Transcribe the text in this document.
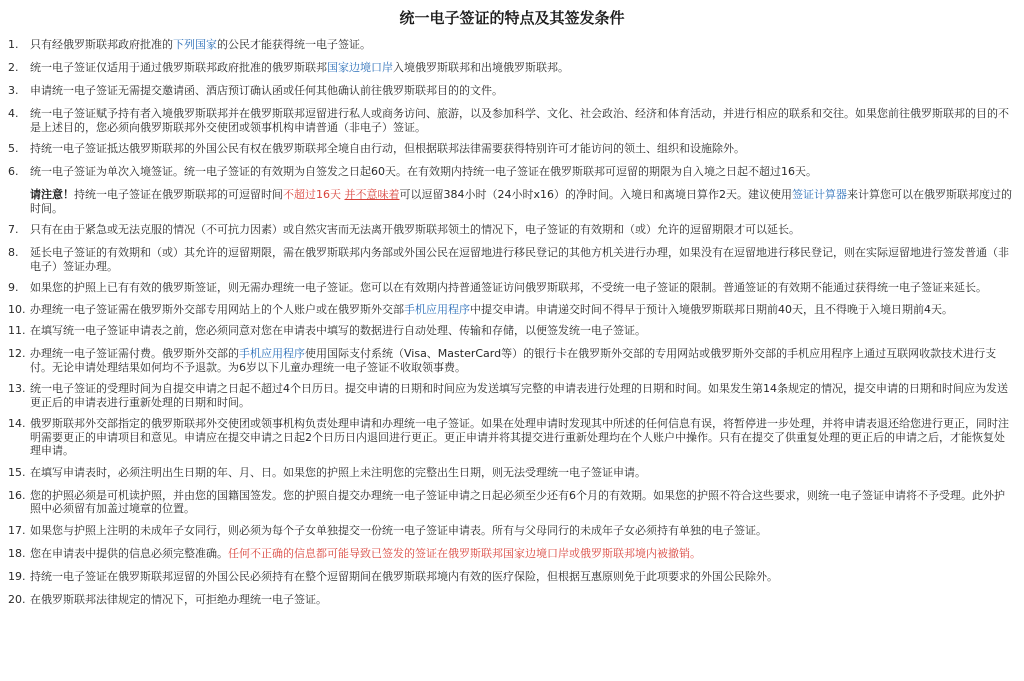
统一电子签证的特点及其签发条件
1.	只有经俄罗斯联邦政府批准的下列国家的公民才能获得统一电子签证。
2.	统一电子签证仅适用于通过俄罗斯联邦政府批准的俄罗斯联邦国家边境口岸入境俄罗斯联邦和出境俄罗斯联邦。
3.	申请统一电子签证无需提交邀请函、酒店预订确认函或任何其他确认前往俄罗斯联邦目的的文件。
4.	统一电子签证赋予持有者入境俄罗斯联邦并在俄罗斯联邦逗留进行私人或商务访问、旅游，以及参加科学、文化、社会政治、经济和体育活动，并进行相应的联系和交往。如果您前往俄罗斯联邦的目的不是上述目的，您必须向俄罗斯联邦外交使团或领事机构申请普通（非电子）签证。
5.	持统一电子签证抵达俄罗斯联邦的外国公民有权在俄罗斯联邦全境自由行动，但根据联邦法律需要获得特别许可才能访问的领土、组织和设施除外。
6.	统一电子签证为单次入境签证。统一电子签证的有效期为自签发之日起60天。在有效期内持统一电子签证在俄罗斯联邦可逗留的期限为自入境之日起不超过16天。
请注意！持统一电子签证在俄罗斯联邦的可逗留时间不超过16天 并不意味着可以逗留384小时（24小时x16）的净时间。入境日和离境日算作2天。建议使用签证计算器来计算您可以在俄罗斯联邦度过的时间。
7.	只有在由于紧急或无法克服的情况（不可抗力因素）或自然灾害而无法离开俄罗斯联邦领土的情况下，电子签证的有效期和（或）允许的逗留期限才可以延长。
8.	延长电子签证的有效期和（或）其允许的逗留期限，需在俄罗斯联邦内务部或外国公民在逗留地进行移民登记的其他方机关进行办理，如果没有在逗留地进行移民登记，则在实际逗留地进行签发普通（非电子）签证办理。
9.	如果您的护照上已有有效的俄罗斯签证，则无需办理统一电子签证。您可以在有效期内持普通签证访问俄罗斯联邦，不受统一电子签证的限制。普通签证的有效期不能通过获得统一电子签证来延长。
10. 办理统一电子签证需在俄罗斯外交部专用网站上的个人账户或在俄罗斯外交部手机应用程序中提交申请。申请递交时间不得早于预计入境俄罗斯联邦日期前40天，且不得晚于入境日期前4天。
11. 在填写统一电子签证申请表之前，您必须同意对您在申请表中填写的数据进行自动处理、传输和存储，以便签发统一电子签证。
12. 办理统一电子签证需付费。俄罗斯外交部的手机应用程序使用国际支付系统（Visa、MasterCard等）的银行卡在俄罗斯外交部的专用网站或俄罗斯外交部的手机应用程序上通过互联网收款技术进行支付。无论申请处理结果如何均不予退款。为6岁以下儿童办理统一电子签证不收取领事费。
13. 统一电子签证的受理时间为自提交申请之日起不超过4个日历日。提交申请的日期和时间应为发送填写完整的申请表进行处理的日期和时间。如果发生第14条规定的情况，提交申请的日期和时间应为发送更正后的申请表进行重新处理的日期和时间。
14. 俄罗斯联邦外交部指定的俄罗斯联邦外交使团或领事机构负责处理申请和办理统一电子签证。如果在处理申请时发现其中所述的任何信息有误，将暂停进一步处理，并将申请表退还给您进行更正，同时注明需要更正的申请项目和意见。申请应在提交申请之日起2个日历日内退回进行更正。更正申请并将其提交进行重新处理均在个人账户中操作。只有在提交了供重复处理的更正后的申请之后，才能恢复处理申请。
15. 在填写申请表时，必须注明出生日期的年、月、日。如果您的护照上未注明您的完整出生日期，则无法受理统一电子签证申请。
16. 您的护照必须是可机读护照，并由您的国籍国签发。您的护照自提交办理统一电子签证申请之日起必须至少还有6个月的有效期。如果您的护照不符合这些要求，则统一电子签证申请将不予受理。此外护照中必须留有加盖过境章的位置。
17. 如果您与护照上注明的未成年子女同行，则必须为每个子女单独提交一份统一电子签证申请表。所有与父母同行的未成年子女必须持有单独的电子签证。
18. 您在申请表中提供的信息必须完整准确。任何不正确的信息都可能导致已签发的签证在俄罗斯联邦国家边境口岸或俄罗斯联邦境内被撤销。
19. 持统一电子签证在俄罗斯联邦逗留的外国公民必须持有在整个逗留期间在俄罗斯联邦境内有效的医疗保险，但根据互惠原则免于此项要求的外国公民除外。
20. 在俄罗斯联邦法律规定的情况下，可拒绝办理统一电子签证。
